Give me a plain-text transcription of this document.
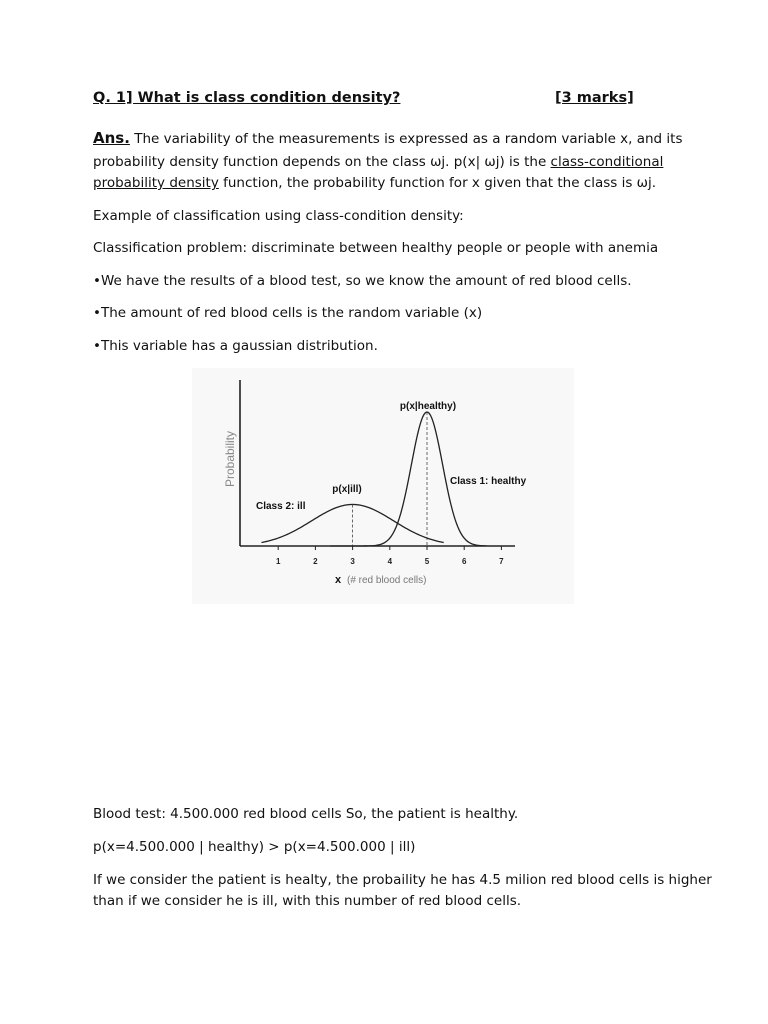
Q. 1] What is class condition density?	[3 marks]
Ans. The variability of the measurements is expressed as a random variable x, and its
probability density function depends on the class ωj. p(x| ωj) is the class-conditional
probability density function, the probability function for x given that the class is ωj.
Example of classification using class-condition density:
Classification problem: discriminate between healthy people or people with anemia
•We have the results of a blood test, so we know the amount of red blood cells.
•The amount of red blood cells is the random variable (x)
•This variable has a gaussian distribution.
1	2	3	4	5	6	7
Probability
x (# red blood cells)
Class 2: ill
p(x|ill)
Class 1: healthy
p(x|healthy)
Blood test: 4.500.000 red blood cells So, the patient is healthy.
p(x=4.500.000 | healthy) > p(x=4.500.000 | ill)
If we consider the patient is healty, the probaility he has 4.5 milion red blood cells is higher
than if we consider he is ill, with this number of red blood cells.
